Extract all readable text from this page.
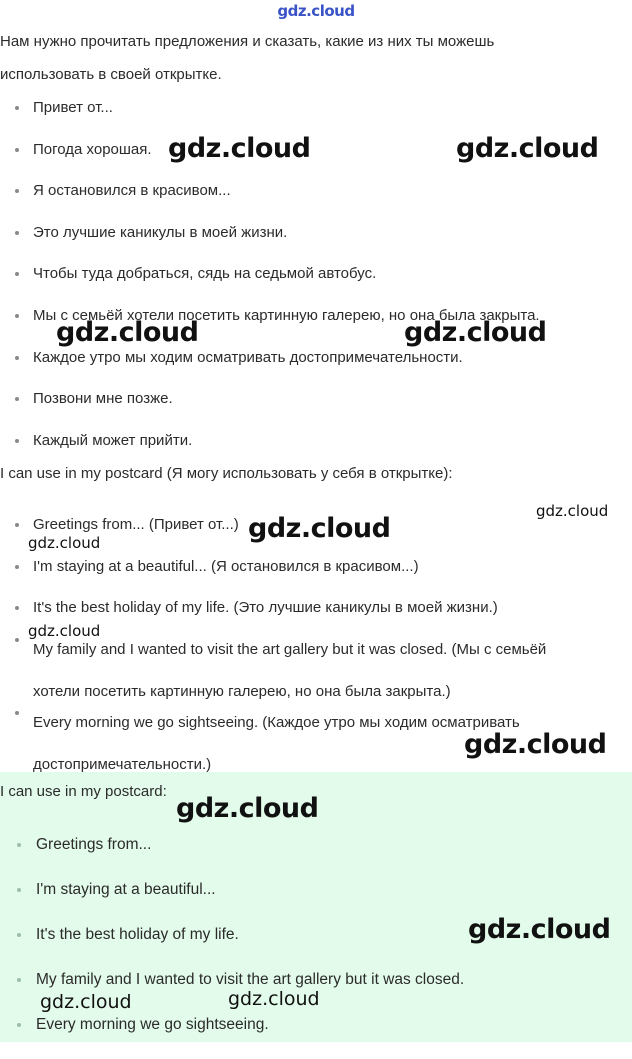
gdz.cloud

Нам нужно прочитать предложения и сказать, какие из них ты можешь
использовать в своей открытке.

Привет от...
Погода хорошая.
Я остановился в красивом...
Это лучшие каникулы в моей жизни.
Чтобы туда добраться, сядь на седьмой автобус.
Мы с семьёй хотели посетить картинную галерею, но она была закрыта.
Каждое утро мы ходим осматривать достопримечательности.
Позвони мне позже.
Каждый может прийти.

I can use in my postcard (Я могу использовать у себя в открытке):

Greetings from... (Привет от...)
I'm staying at a beautiful... (Я остановился в красивом...)
It's the best holiday of my life. (Это лучшие каникулы в моей жизни.)
My family and I wanted to visit the art gallery but it was closed. (Мы с семьёй
хотели посетить картинную галерею, но она была закрыта.)
Every morning we go sightseeing. (Каждое утро мы ходим осматривать
достопримечательности.)

I can use in my postcard:

Greetings from...
I'm staying at a beautiful...
It's the best holiday of my life.
My family and I wanted to visit the art gallery but it was closed.
Every morning we go sightseeing.
gdz.cloud	gdz.cloud
gdz.cloud	gdz.cloud
gdz.cloud
gdz.cloud
gdz.cloud
gdz.cloud
gdz.cloud
gdz.cloud
gdz.cloud
gdz.cloud
gdz.cloud
